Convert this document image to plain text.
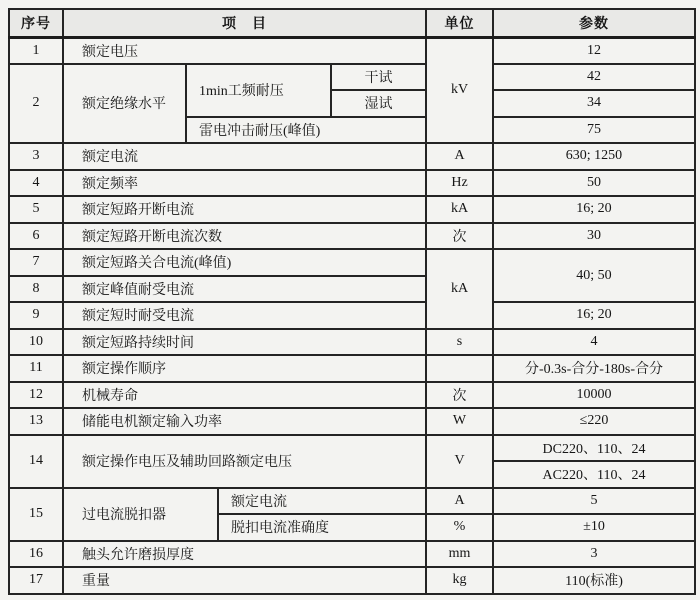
序号	项　目				单位	参数
1	额定电压				kV	12
2	额定绝缘水平	1min工频耐压		干试		42
				湿试		34
		雷电冲击耐压(峰值)				75
3	额定电流				A	630; 1250
4	额定频率				Hz	50
5	额定短路开断电流				kA	16; 20
6	额定短路开断电流次数				次	30
7	额定短路关合电流(峰值)				kA	40; 50
8	额定峰值耐受电流					
9	额定短时耐受电流					16; 20
10	额定短路持续时间				s	4
11	额定操作顺序					分-0.3s-合分-180s-合分
12	机械寿命				次	10000
13	储能电机额定输入功率				W	≤220
14	额定操作电压及辅助回路额定电压				V	DC220、110、24
						AC220、110、24
15	过电流脱扣器		额定电流		A	5
			脱扣电流准确度		%	±10
16	触头允许磨损厚度				mm	3
17	重量				kg	110(标准)
